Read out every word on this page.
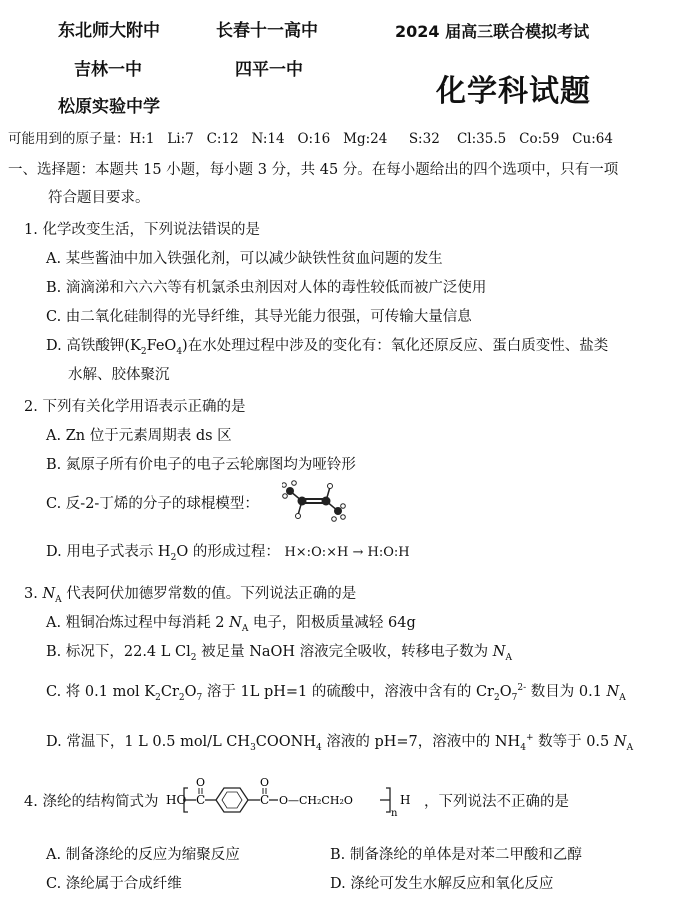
东北师大附中	长春十一高中	2024 届高三联合模拟考试
吉林一中	四平一中
化学科试题
松原实验中学
可能用到的原子量：H:1 Li:7 C:12 N:14 O:16 Mg:24 S:32 Cl:35.5 Co:59 Cu:64
一、选择题：本题共 15 小题，每小题 3 分，共 45 分。在每小题给出的四个选项中，只有一项
符合题目要求。
1. 化学改变生活，下列说法错误的是
A. 某些酱油中加入铁强化剂，可以减少缺铁性贫血问题的发生
B. 滴滴涕和六六六等有机氯杀虫剂因对人体的毒性较低而被广泛使用
C. 由二氧化硅制得的光导纤维，其导光能力很强，可传输大量信息
D. 高铁酸钾$(K_2FeO_4)$在水处理过程中涉及的变化有：氧化还原反应、蛋白质变性、盐类
水解、胶体聚沉
2. 下列有关化学用语表示正确的是
A. Zn 位于元素周期表 ds 区
B. 氮原子所有价电子的电子云轮廓图均为哑铃形
C. 反-2-丁烯的分子的球棍模型：
D. 用电子式表示 $H_2O$ 的形成过程： H×:O:×H → H:O:H
3. $N_A$ 代表阿伏加德罗常数的值。下列说法正确的是
A. 粗铜冶炼过程中每消耗 2 $N_A$ 电子，阳极质量减轻 64g
B. 标况下，22.4 L $Cl_2$ 被足量 NaOH 溶液完全吸收，转移电子数为 $N_A$
C. 将 0.1 mol $K_2Cr_2O_7$ 溶于 1L pH=1 的硫酸中，溶液中含有的 $Cr_2O_7^{2-}$ 数目为 0.1 $N_A$
D. 常温下，1 L 0.5 mol/L $CH_3COONH_4$ 溶液的 pH=7，溶液中的 $NH_4^+$ 数等于 0.5 $N_A$
4. 涤纶的结构简式为 HO C
O
C
O
O—CH₂CH₂O
n
H ，下列说法不正确的是
A. 制备涤纶的反应为缩聚反应	B. 制备涤纶的单体是对苯二甲酸和乙醇
C. 涤纶属于合成纤维	D. 涤纶可发生水解反应和氧化反应
